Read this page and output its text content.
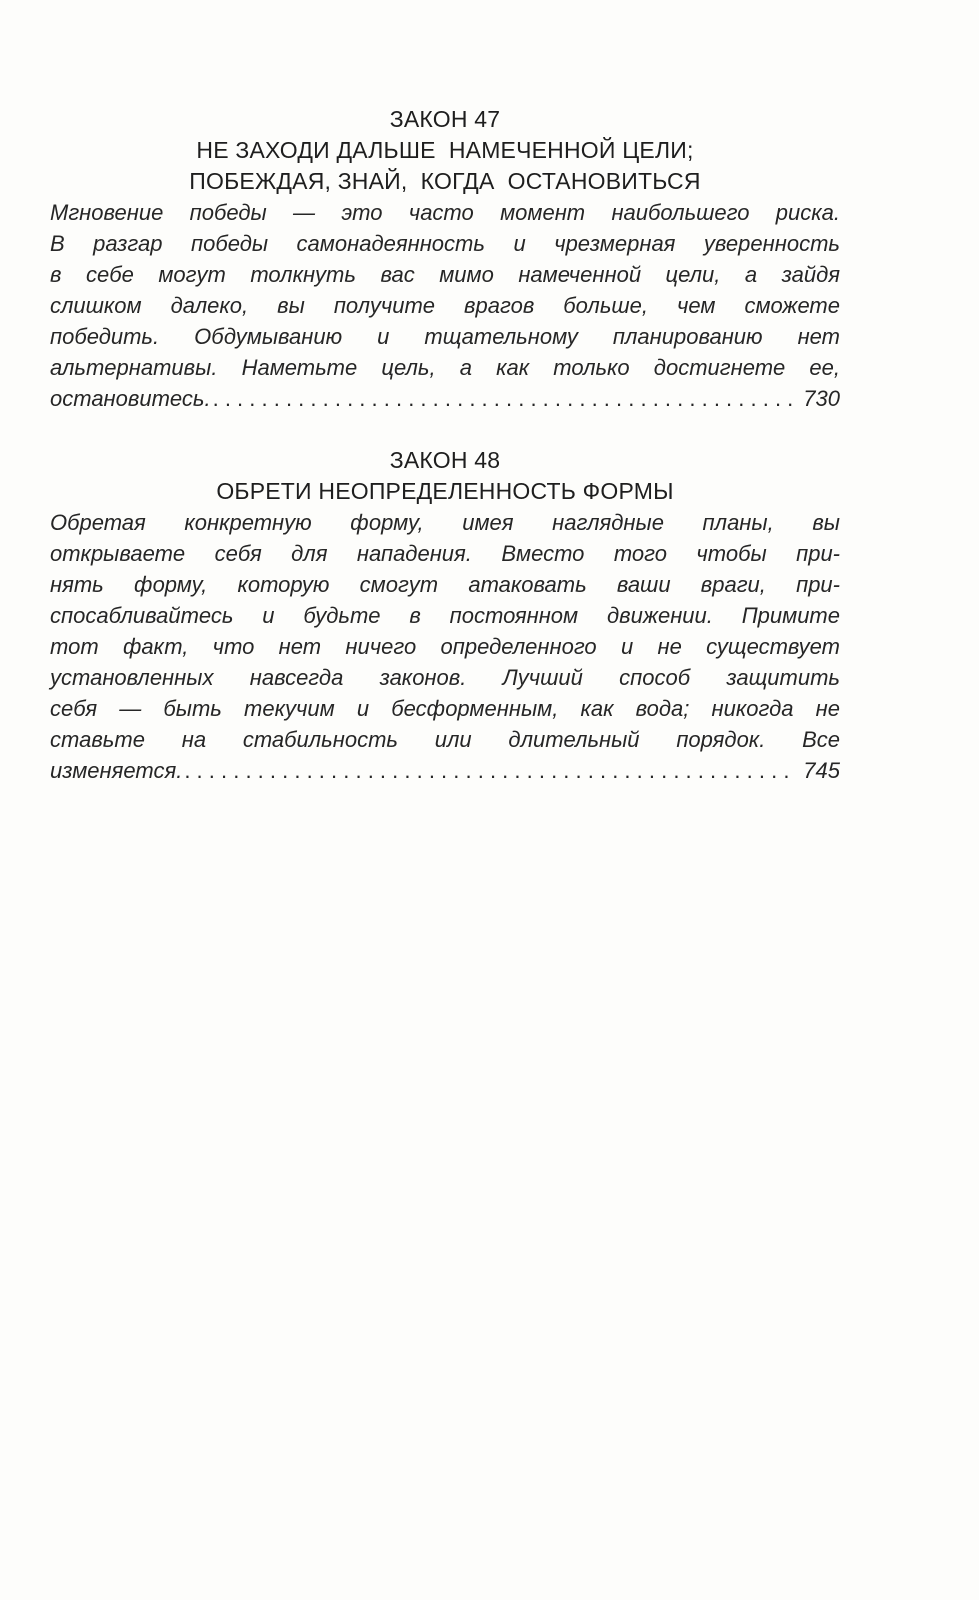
ЗАКОН 47
НЕ ЗАХОДИ ДАЛЬШЕ  НАМЕЧЕННОЙ ЦЕЛИ;
ПОБЕЖДАЯ, ЗНАЙ,  КОГДА  ОСТАНОВИТЬСЯ
Мгновение победы — это часто момент наибольшего риска.
В разгар победы самонадеянность и чрезмерная уверенность
в себе могут толкнуть вас мимо намеченной цели, а зайдя
слишком далеко, вы получите врагов больше, чем сможете
победить. Обдумыванию и тщательному планированию нет
альтернативы. Наметьте цель, а как только достигнете ее,
остановитесь. . . .	730
ЗАКОН 48
ОБРЕТИ НЕОПРЕДЕЛЕННОСТЬ ФОРМЫ
Обретая конкретную форму, имея наглядные планы, вы
открываете себя для нападения. Вместо того чтобы при-
нять форму, которую смогут атаковать ваши враги, при-
спосабливайтесь и будьте в постоянном движении. Примите
тот факт, что нет ничего определенного и не существует
установленных навсегда законов. Лучший способ защитить
себя — быть текучим и бесформенным, как вода; никогда не
ставьте на стабильность или длительный порядок. Все
изменяется. . . .	745
